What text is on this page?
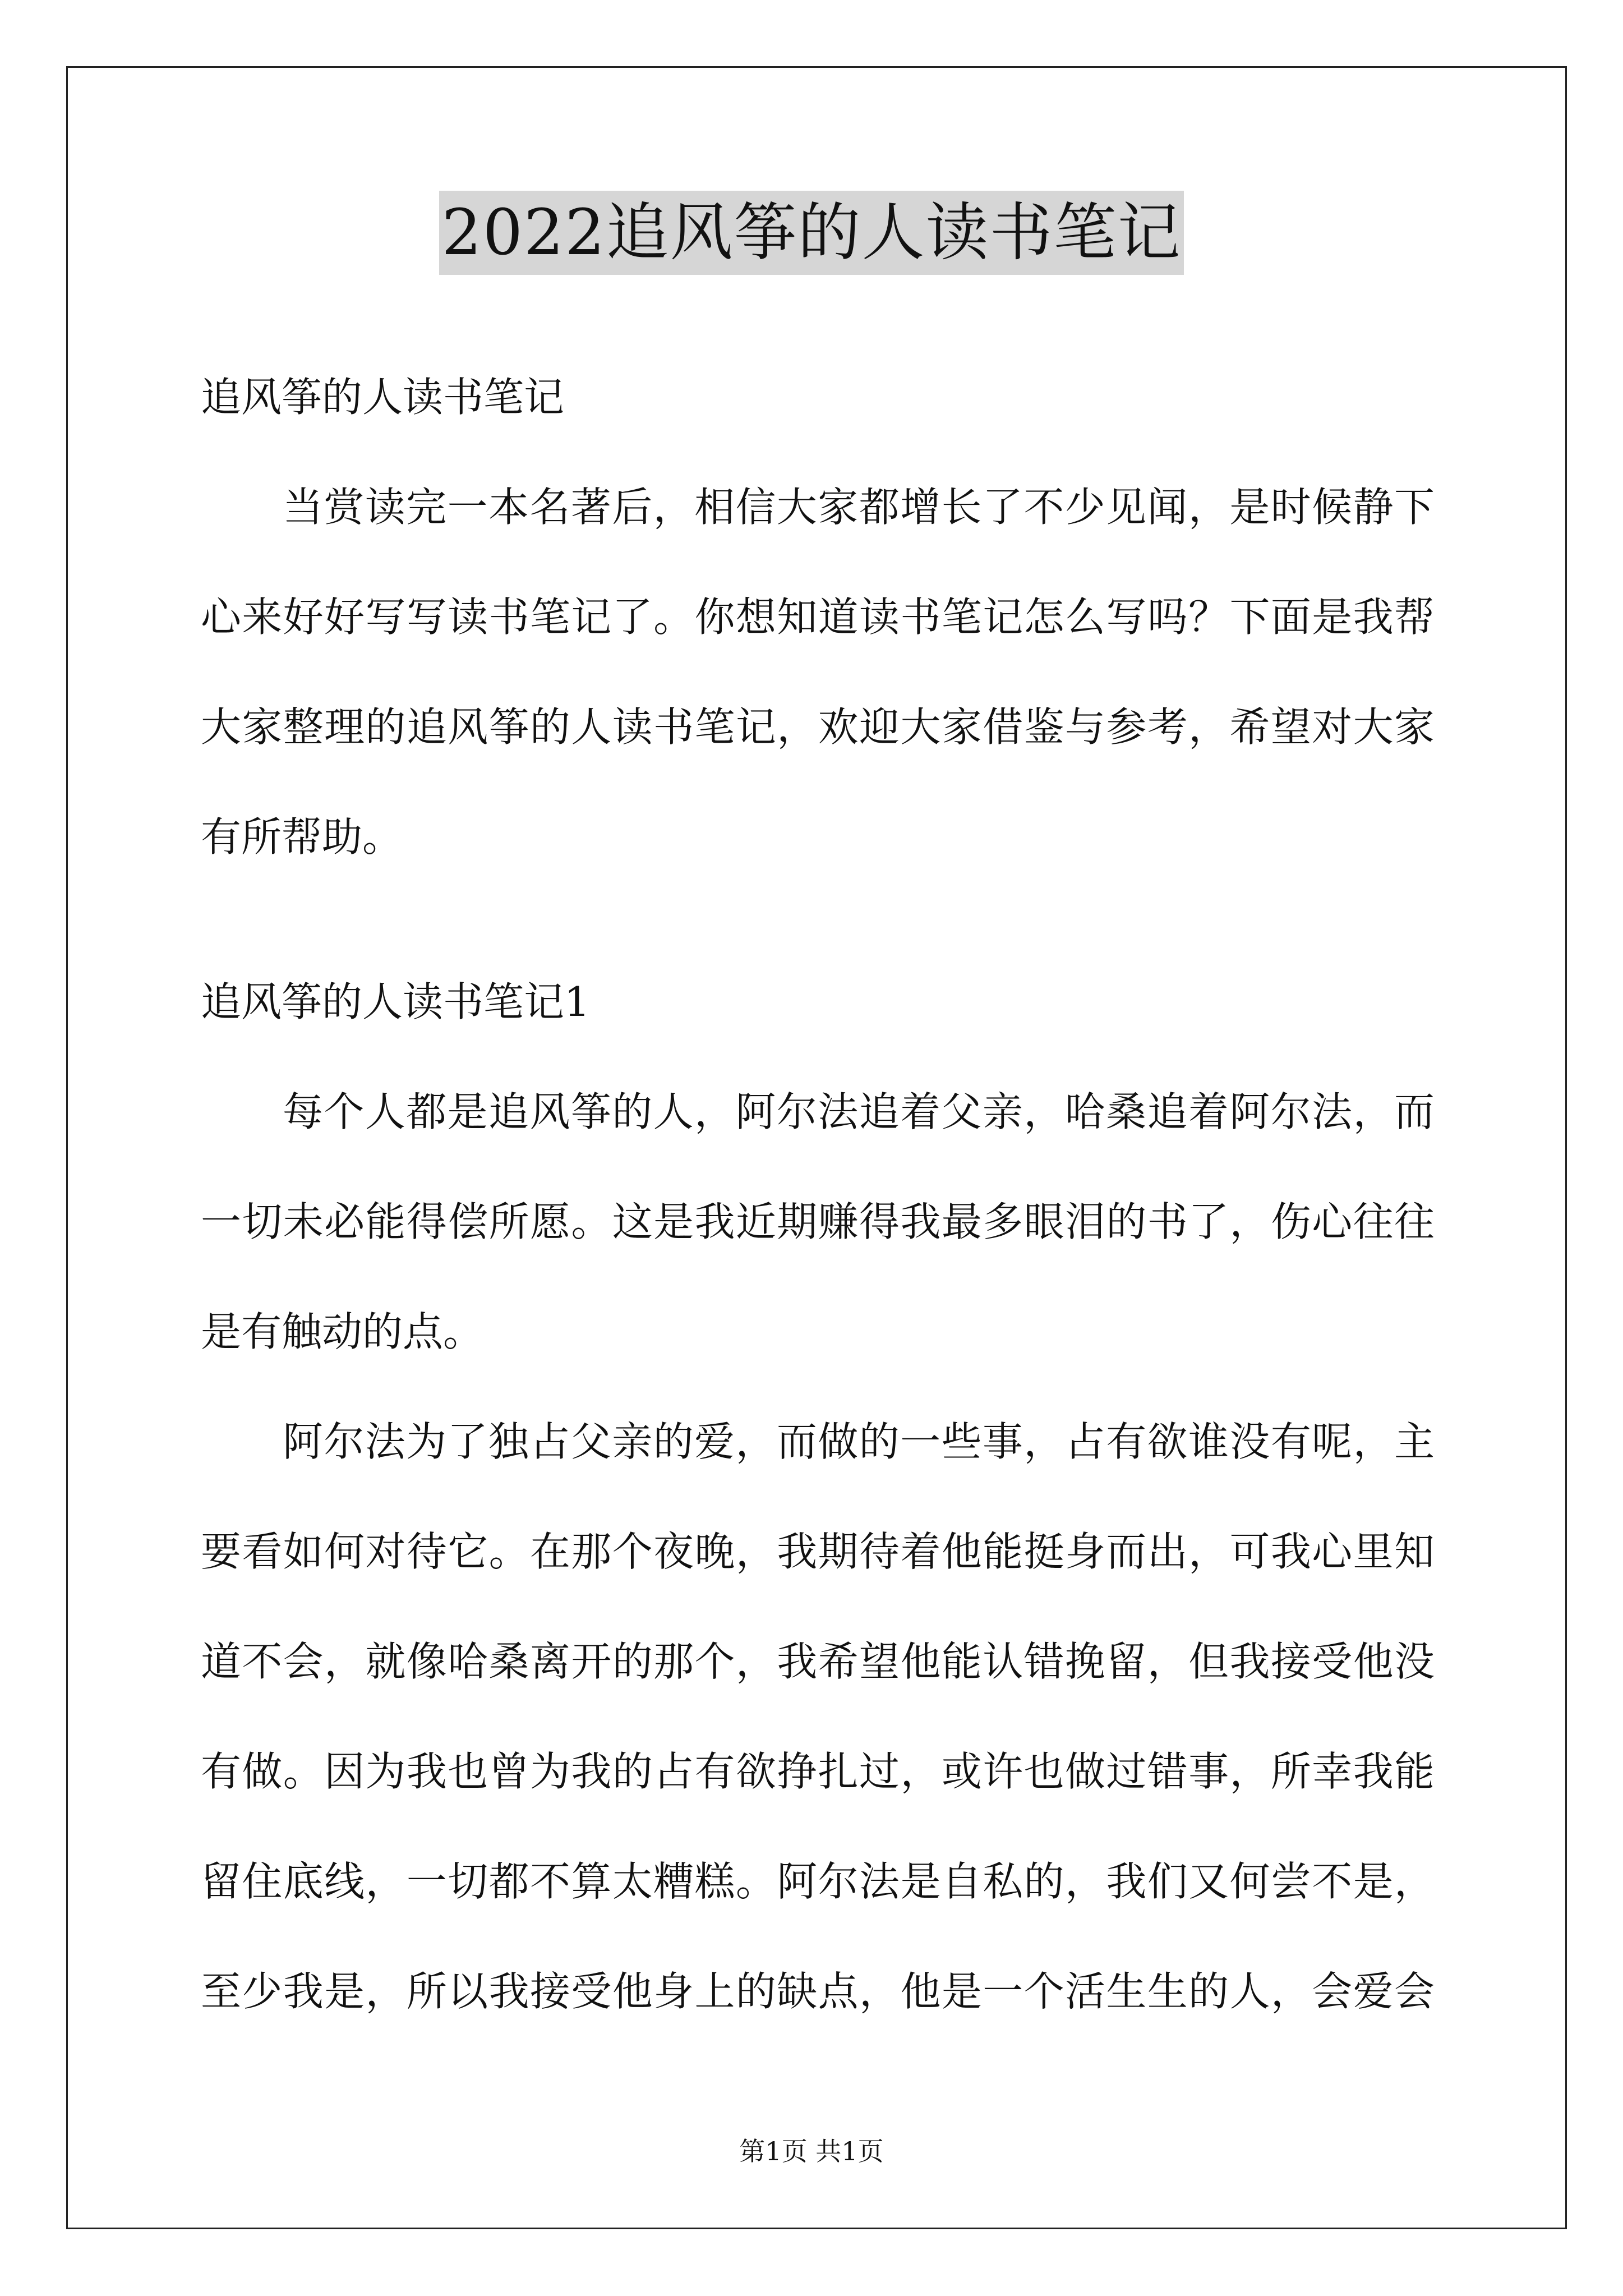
2022追风筝的人读书笔记
追风筝的人读书笔记
当赏读完一本名著后，相信大家都增长了不少见闻，是时候静下
心来好好写写读书笔记了。你想知道读书笔记怎么写吗？下面是我帮
大家整理的追风筝的人读书笔记，欢迎大家借鉴与参考，希望对大家
有所帮助。
追风筝的人读书笔记1
每个人都是追风筝的人，阿尔法追着父亲，哈桑追着阿尔法，而
一切未必能得偿所愿。这是我近期赚得我最多眼泪的书了，伤心往往
是有触动的点。
阿尔法为了独占父亲的爱，而做的一些事，占有欲谁没有呢，主
要看如何对待它。在那个夜晚，我期待着他能挺身而出，可我心里知
道不会，就像哈桑离开的那个，我希望他能认错挽留，但我接受他没
有做。因为我也曾为我的占有欲挣扎过，或许也做过错事，所幸我能
留住底线，一切都不算太糟糕。阿尔法是自私的，我们又何尝不是，
至少我是，所以我接受他身上的缺点，他是一个活生生的人，会爱会
第1页 共1页
